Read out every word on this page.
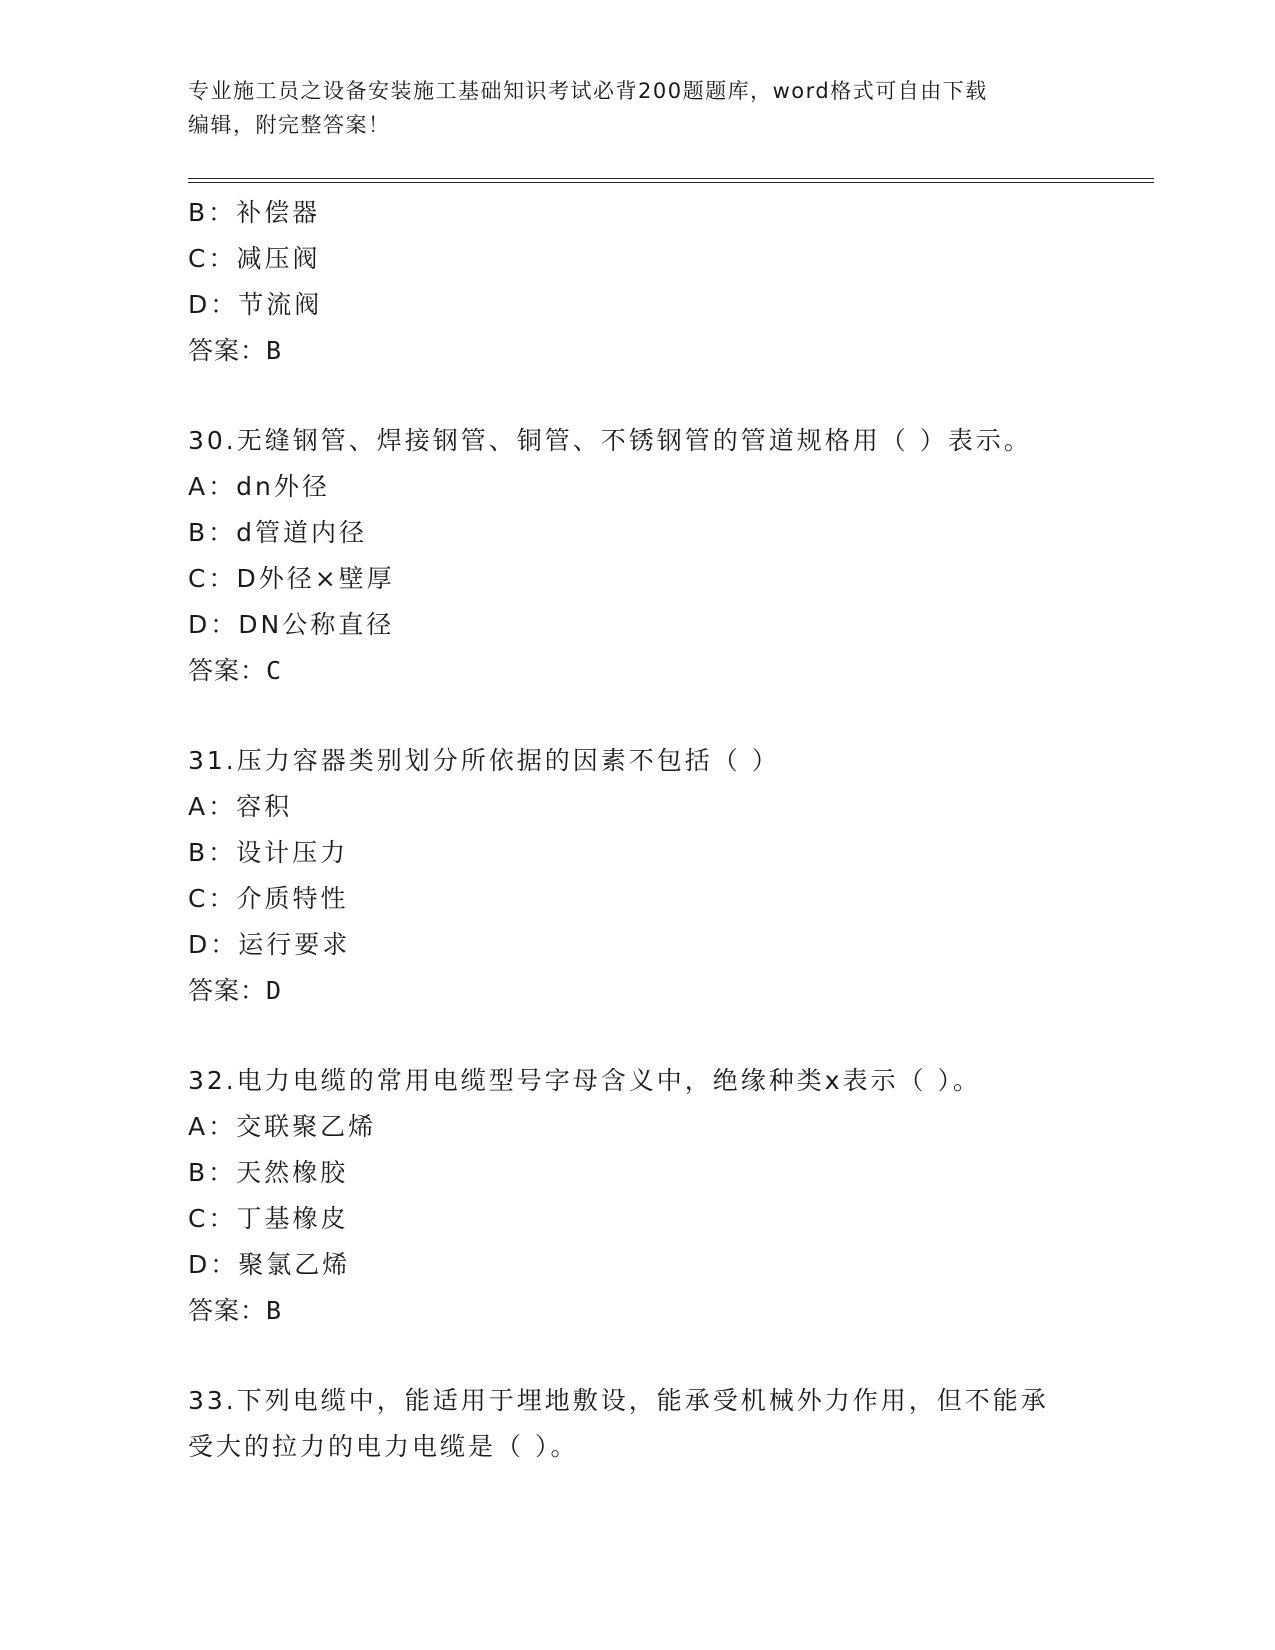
专业施工员之设备安装施工基础知识考试必背200题题库，word格式可自由下载
编辑，附完整答案！
B：补偿器
C：减压阀
D：节流阀
答案：B
30.无缝钢管、焊接钢管、铜管、不锈钢管的管道规格用（ ）表示。
A：dn外径
B：d管道内径
C：D外径×壁厚
D：DN公称直径
答案：C
31.压力容器类别划分所依据的因素不包括（ ）
A：容积
B：设计压力
C：介质特性
D：运行要求
答案：D
32.电力电缆的常用电缆型号字母含义中，绝缘种类x表示（ ）。
A：交联聚乙烯
B：天然橡胶
C：丁基橡皮
D：聚氯乙烯
答案：B
33.下列电缆中，能适用于埋地敷设，能承受机械外力作用，但不能承
受大的拉力的电力电缆是（ ）。
